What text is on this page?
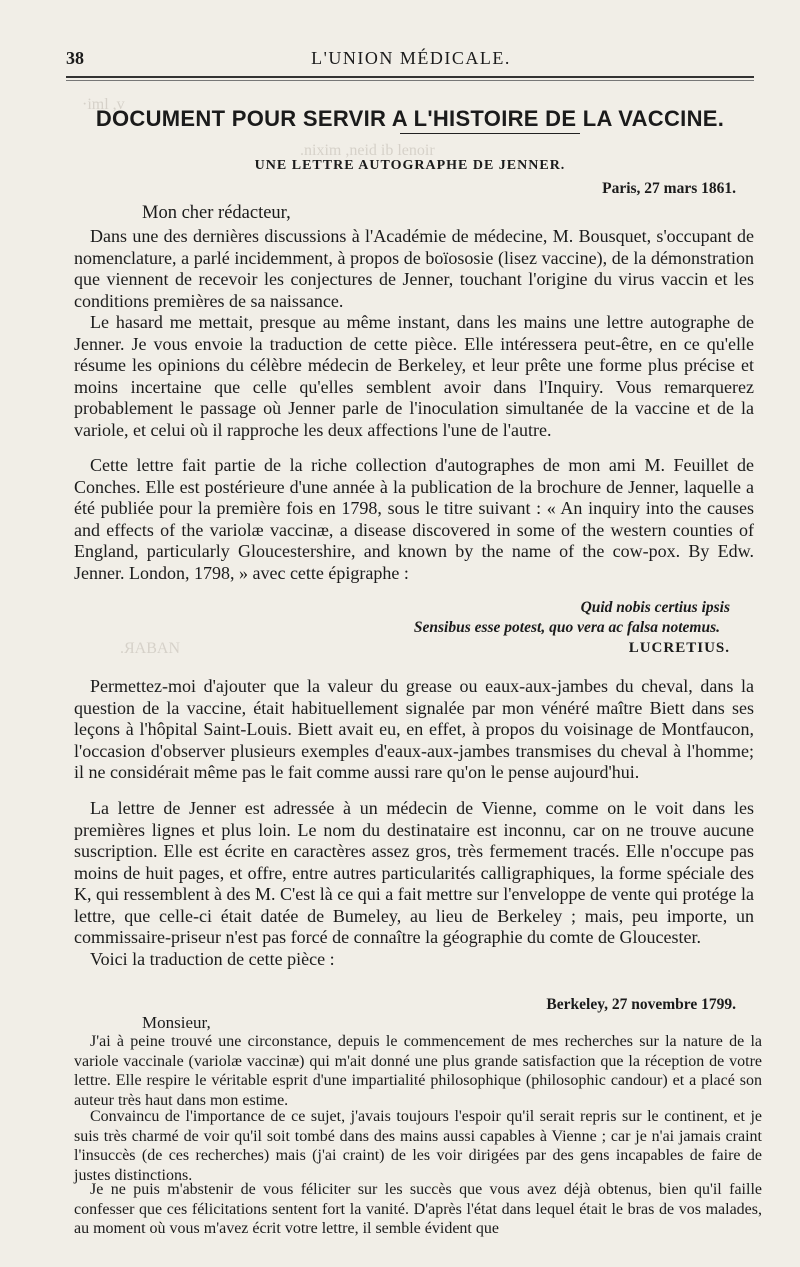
·iml ,v
.nixim ,neid ib lenoir
.ЯABAN
38	L'UNION MÉDICALE.
DOCUMENT POUR SERVIR A L'HISTOIRE DE LA VACCINE.
UNE LETTRE AUTOGRAPHE DE JENNER.
Paris, 27 mars 1861.
Mon cher rédacteur,

Dans une des dernières discussions à l'Académie de médecine, M. Bousquet, s'occupant de nomenclature, a parlé incidemment, à propos de boïososie (lisez vaccine), de la démonstration que viennent de recevoir les conjectures de Jenner, touchant l'origine du virus vaccin et les conditions premières de sa naissance.

Le hasard me mettait, presque au même instant, dans les mains une lettre autographe de Jenner. Je vous envoie la traduction de cette pièce. Elle intéressera peut-être, en ce qu'elle résume les opinions du célèbre médecin de Berkeley, et leur prête une forme plus précise et moins incertaine que celle qu'elles semblent avoir dans l'Inquiry. Vous remarquerez probablement le passage où Jenner parle de l'inoculation simultanée de la vaccine et de la variole, et celui où il rapproche les deux affections l'une de l'autre.

Cette lettre fait partie de la riche collection d'autographes de mon ami M. Feuillet de Conches. Elle est postérieure d'une année à la publication de la brochure de Jenner, laquelle a été publiée pour la première fois en 1798, sous le titre suivant : « An inquiry into the causes and effects of the variolæ vaccinæ, a disease discovered in some of the western counties of England, particularly Gloucestershire, and known by the name of the cow-pox. By Edw. Jenner. London, 1798, » avec cette épigraphe :

Quid nobis certius ipsis
Sensibus esse potest, quo vera ac falsa notemus.
LUCRETIUS.

Permettez-moi d'ajouter que la valeur du grease ou eaux-aux-jambes du cheval, dans la question de la vaccine, était habituellement signalée par mon vénéré maître Biett dans ses leçons à l'hôpital Saint-Louis. Biett avait eu, en effet, à propos du voisinage de Montfaucon, l'occasion d'observer plusieurs exemples d'eaux-aux-jambes transmises du cheval à l'homme; il ne considérait même pas le fait comme aussi rare qu'on le pense aujourd'hui.

La lettre de Jenner est adressée à un médecin de Vienne, comme on le voit dans les premières lignes et plus loin. Le nom du destinataire est inconnu, car on ne trouve aucune suscription. Elle est écrite en caractères assez gros, très fermement tracés. Elle n'occupe pas moins de huit pages, et offre, entre autres particularités calligraphiques, la forme spéciale des K, qui ressemblent à des M. C'est là ce qui a fait mettre sur l'enveloppe de vente qui protége la lettre, que celle-ci était datée de Bumeley, au lieu de Berkeley ; mais, peu importe, un commissaire-priseur n'est pas forcé de connaître la géographie du comte de Gloucester.

Voici la traduction de cette pièce :

Berkeley, 27 novembre 1799.
Monsieur,

J'ai à peine trouvé une circonstance, depuis le commencement de mes recherches sur la nature de la variole vaccinale (variolæ vaccinæ) qui m'ait donné une plus grande satisfaction que la réception de votre lettre. Elle respire le véritable esprit d'une impartialité philosophique (philosophic candour) et a placé son auteur très haut dans mon estime.

Convaincu de l'importance de ce sujet, j'avais toujours l'espoir qu'il serait repris sur le continent, et je suis très charmé de voir qu'il soit tombé dans des mains aussi capables à Vienne ; car je n'ai jamais craint l'insuccès (de ces recherches) mais (j'ai craint) de les voir dirigées par des gens incapables de faire de justes distinctions.

Je ne puis m'abstenir de vous féliciter sur les succès que vous avez déjà obtenus, bien qu'il faille confesser que ces félicitations sentent fort la vanité. D'après l'état dans lequel était le bras de vos malades, au moment où vous m'avez écrit votre lettre, il semble évident que
